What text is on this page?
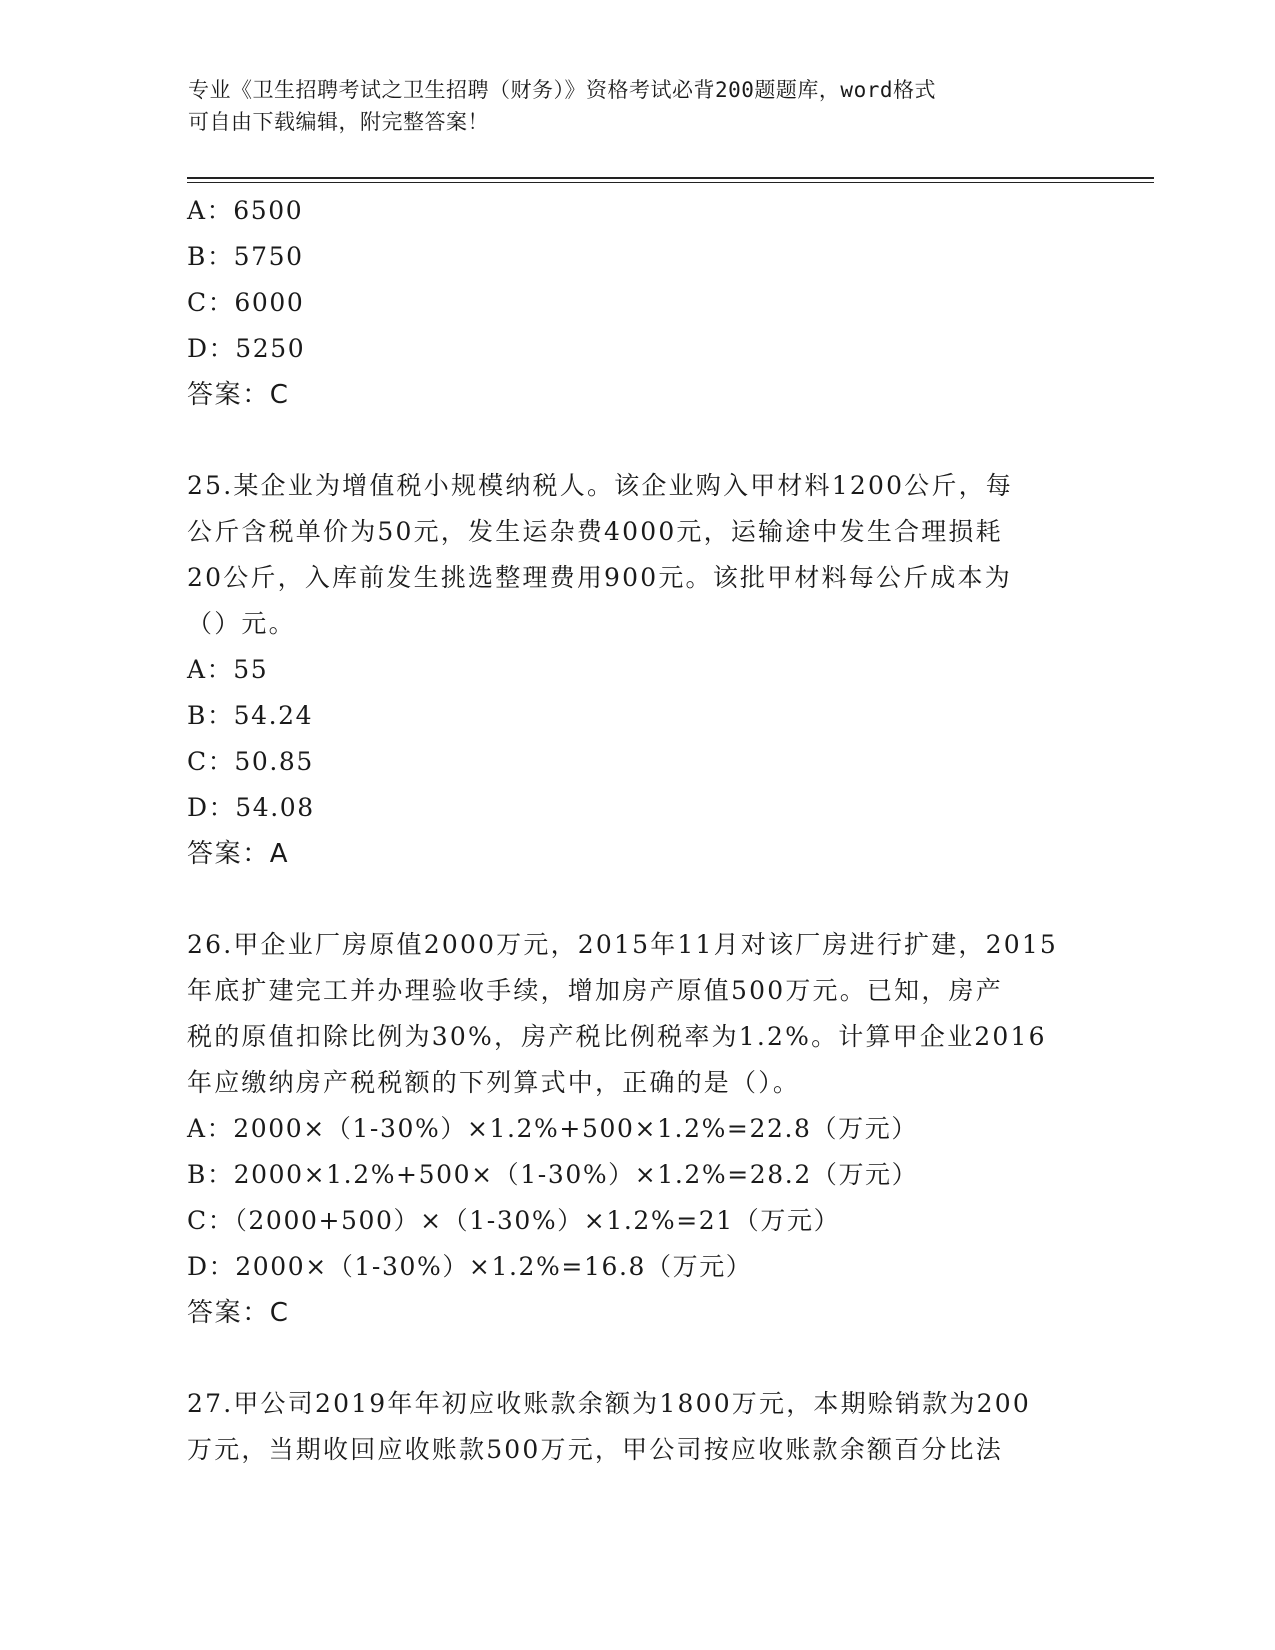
专业《卫生招聘考试之卫生招聘（财务）》资格考试必背200题题库，word格式
可自由下载编辑，附完整答案！
A：6500
B：5750
C：6000
D：5250
答案：C
25.某企业为增值税小规模纳税人。该企业购入甲材料1200公斤，每
公斤含税单价为50元，发生运杂费4000元，运输途中发生合理损耗
20公斤，入库前发生挑选整理费用900元。该批甲材料每公斤成本为
（）元。
A：55
B：54.24
C：50.85
D：54.08
答案：A
26.甲企业厂房原值2000万元，2015年11月对该厂房进行扩建，2015
年底扩建完工并办理验收手续，增加房产原值500万元。已知，房产
税的原值扣除比例为30%，房产税比例税率为1.2%。计算甲企业2016
年应缴纳房产税税额的下列算式中，正确的是（）。
A：2000×（1-30%）×1.2%+500×1.2%=22.8（万元）
B：2000×1.2%+500×（1-30%）×1.2%=28.2（万元）
C：（2000+500）×（1-30%）×1.2%=21（万元）
D：2000×（1-30%）×1.2%=16.8（万元）
答案：C
27.甲公司2019年年初应收账款余额为1800万元，本期赊销款为200
万元，当期收回应收账款500万元，甲公司按应收账款余额百分比法
